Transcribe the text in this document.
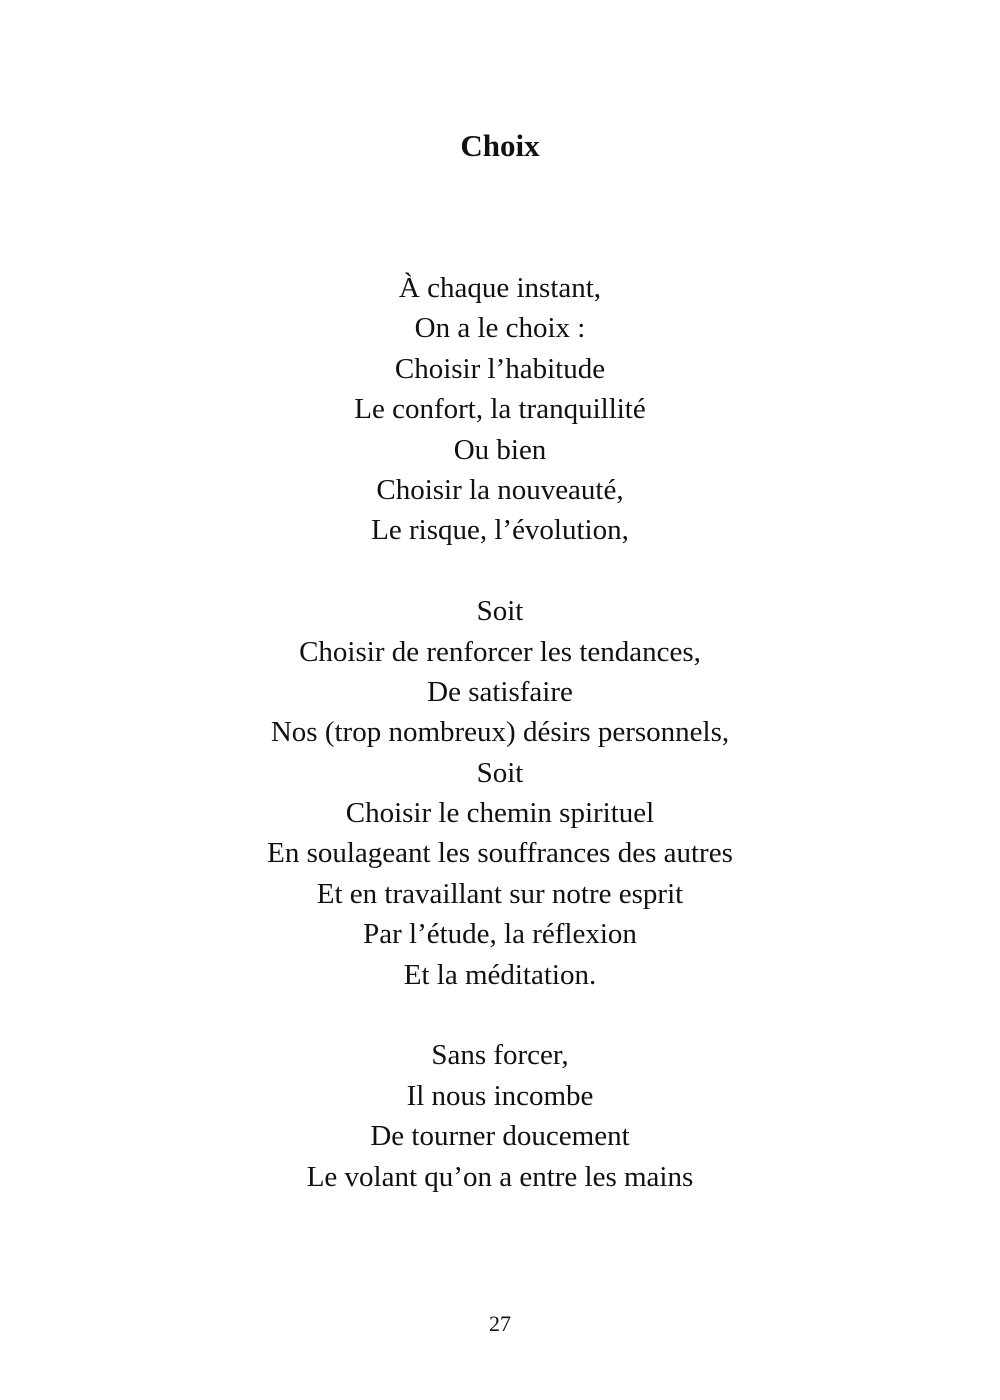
Choix
À chaque instant,
On a le choix :
Choisir l’habitude
Le confort, la tranquillité
Ou bien
Choisir la nouveauté,
Le risque, l’évolution,
Soit
Choisir de renforcer les tendances,
De satisfaire
Nos (trop nombreux) désirs personnels,
Soit
Choisir le chemin spirituel
En soulageant les souffrances des autres
Et en travaillant sur notre esprit
Par l’étude, la réflexion
Et la méditation.
Sans forcer,
Il nous incombe
De tourner doucement
Le volant qu’on a entre les mains
27
